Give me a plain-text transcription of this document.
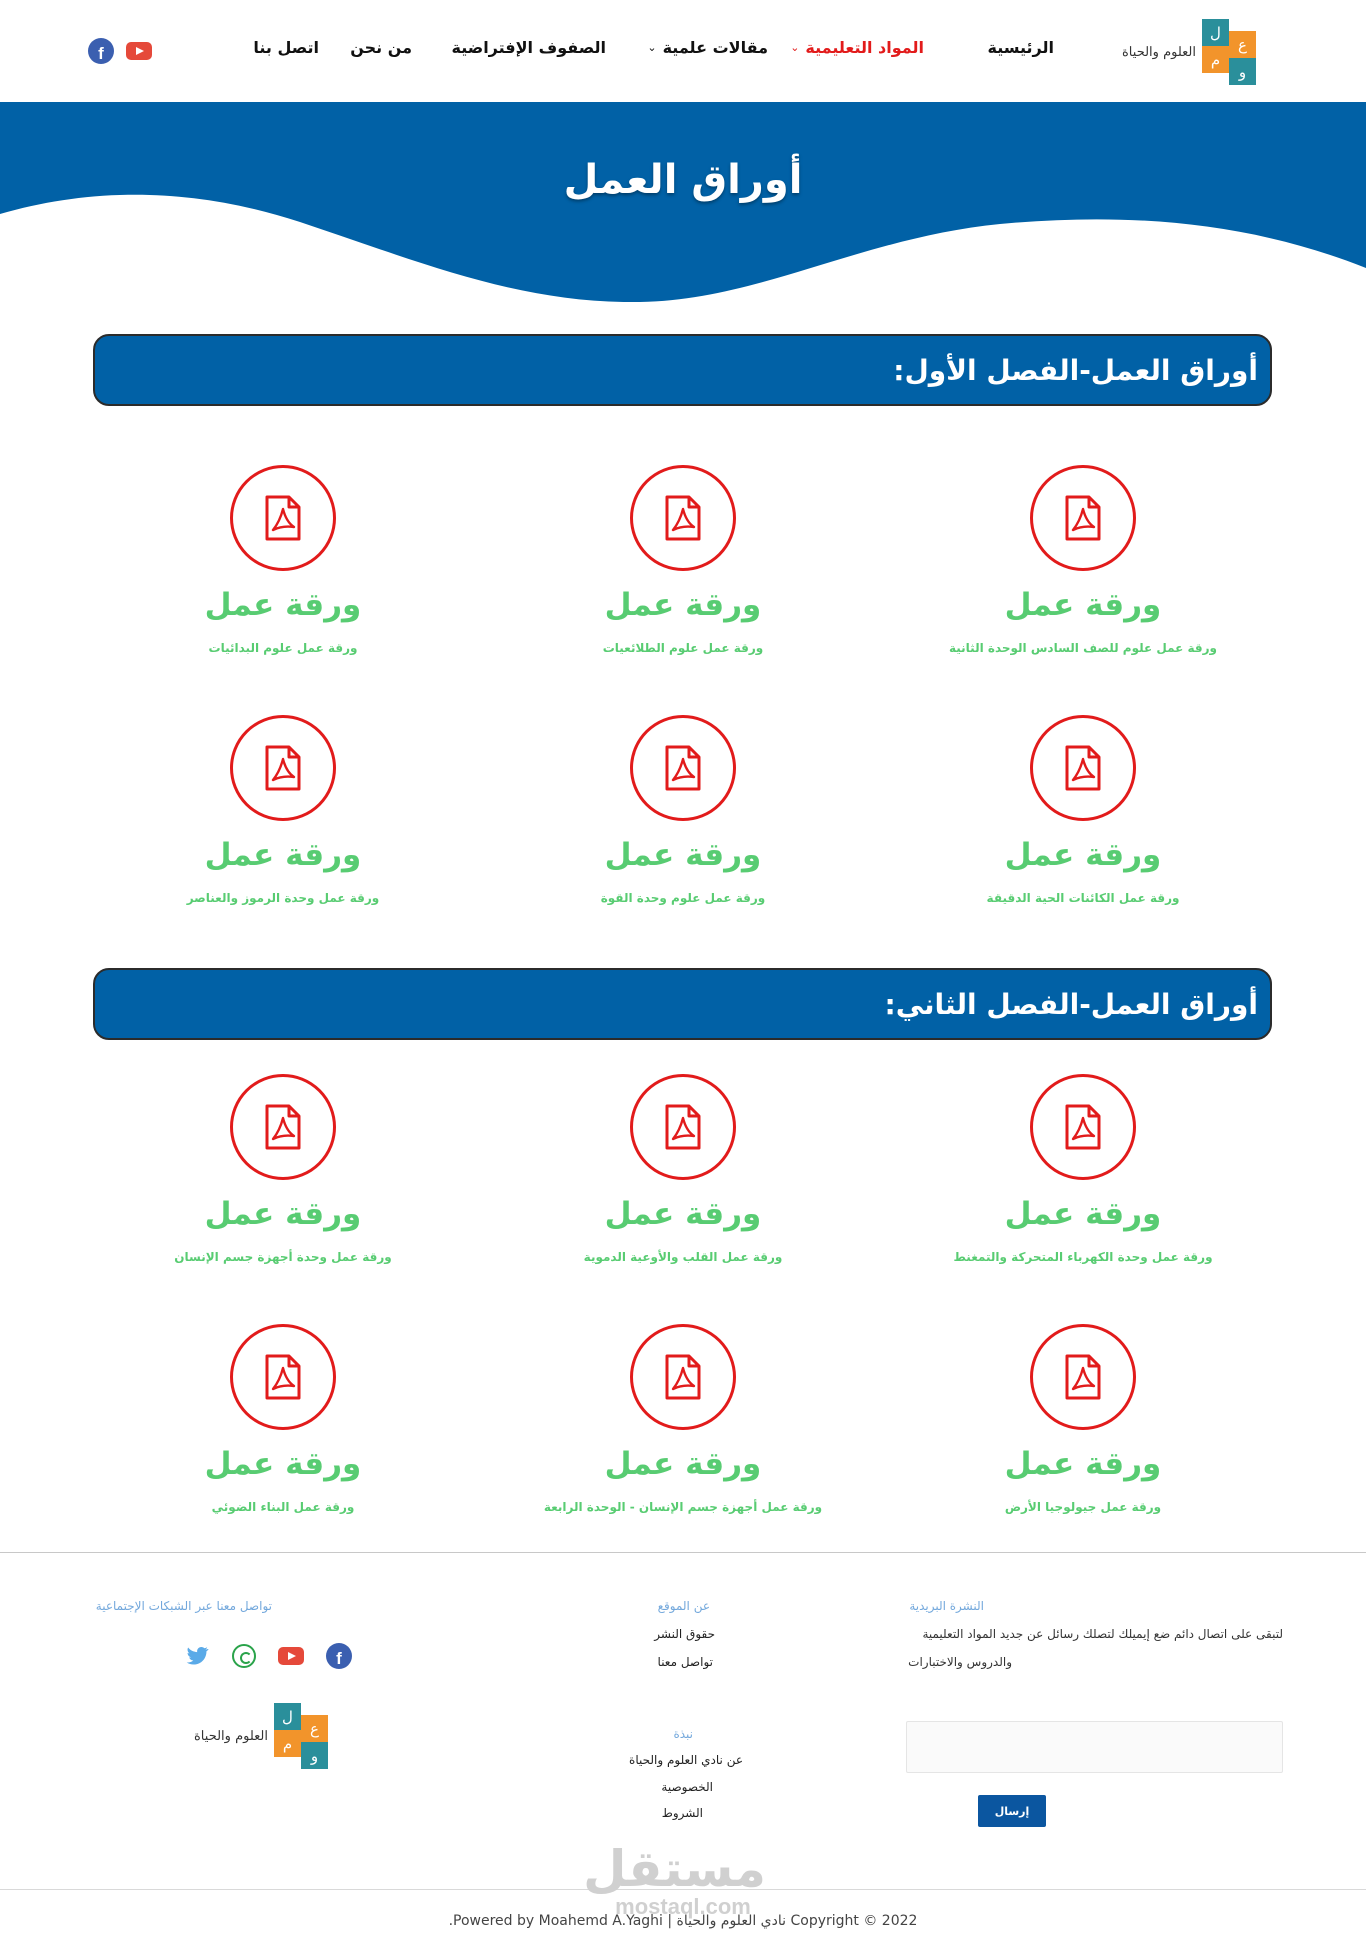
العلوم والحياة
ل
ع
م
و
الرئيسية
المواد التعليمية
⌄
مقالات علمية
⌄
الصفوف الإفتراضية
من نحن
اتصل بنا
f
أوراق العمل
أوراق العمل-الفصل الأول:
ورقة عمل
ورقة عمل علوم للصف السادس الوحدة الثانية
ورقة عمل
ورقة عمل علوم الطلائعيات
ورقة عمل
ورقة عمل علوم البدائيات
ورقة عمل
ورقة عمل الكائنات الحية الدقيقة
ورقة عمل
ورقة عمل علوم وحدة القوة
ورقة عمل
ورقة عمل وحدة الرموز والعناصر
أوراق العمل-الفصل الثاني:
ورقة عمل
ورقة عمل وحدة الكهرباء المتحركة والتمغنط
ورقة عمل
ورقة عمل القلب والأوعية الدموية
ورقة عمل
ورقة عمل وحدة أجهزة جسم الإنسان
ورقة عمل
ورقة عمل جيولوجيا الأرض
ورقة عمل
ورقة عمل أجهزة جسم الإنسان - الوحدة الرابعة
ورقة عمل
ورقة عمل البناء الضوئي
النشرة البريدية
لتبقى على اتصال دائم ضع إيميلك لتصلك رسائل عن جديد المواد التعليمية
والدروس والاختبارات
إرسال
عن الموقع
حقوق النشر
تواصل معنا
نبذة
عن نادي العلوم والحياة
الخصوصية
الشروط
تواصل معنا عبر الشبكات الإجتماعية
f
العلوم والحياة
ل
ع
م
و
مستقل
mostaql.com
Copyright © 2022 نادي العلوم والحياة | Powered by Moahemd A.Yaghi.
